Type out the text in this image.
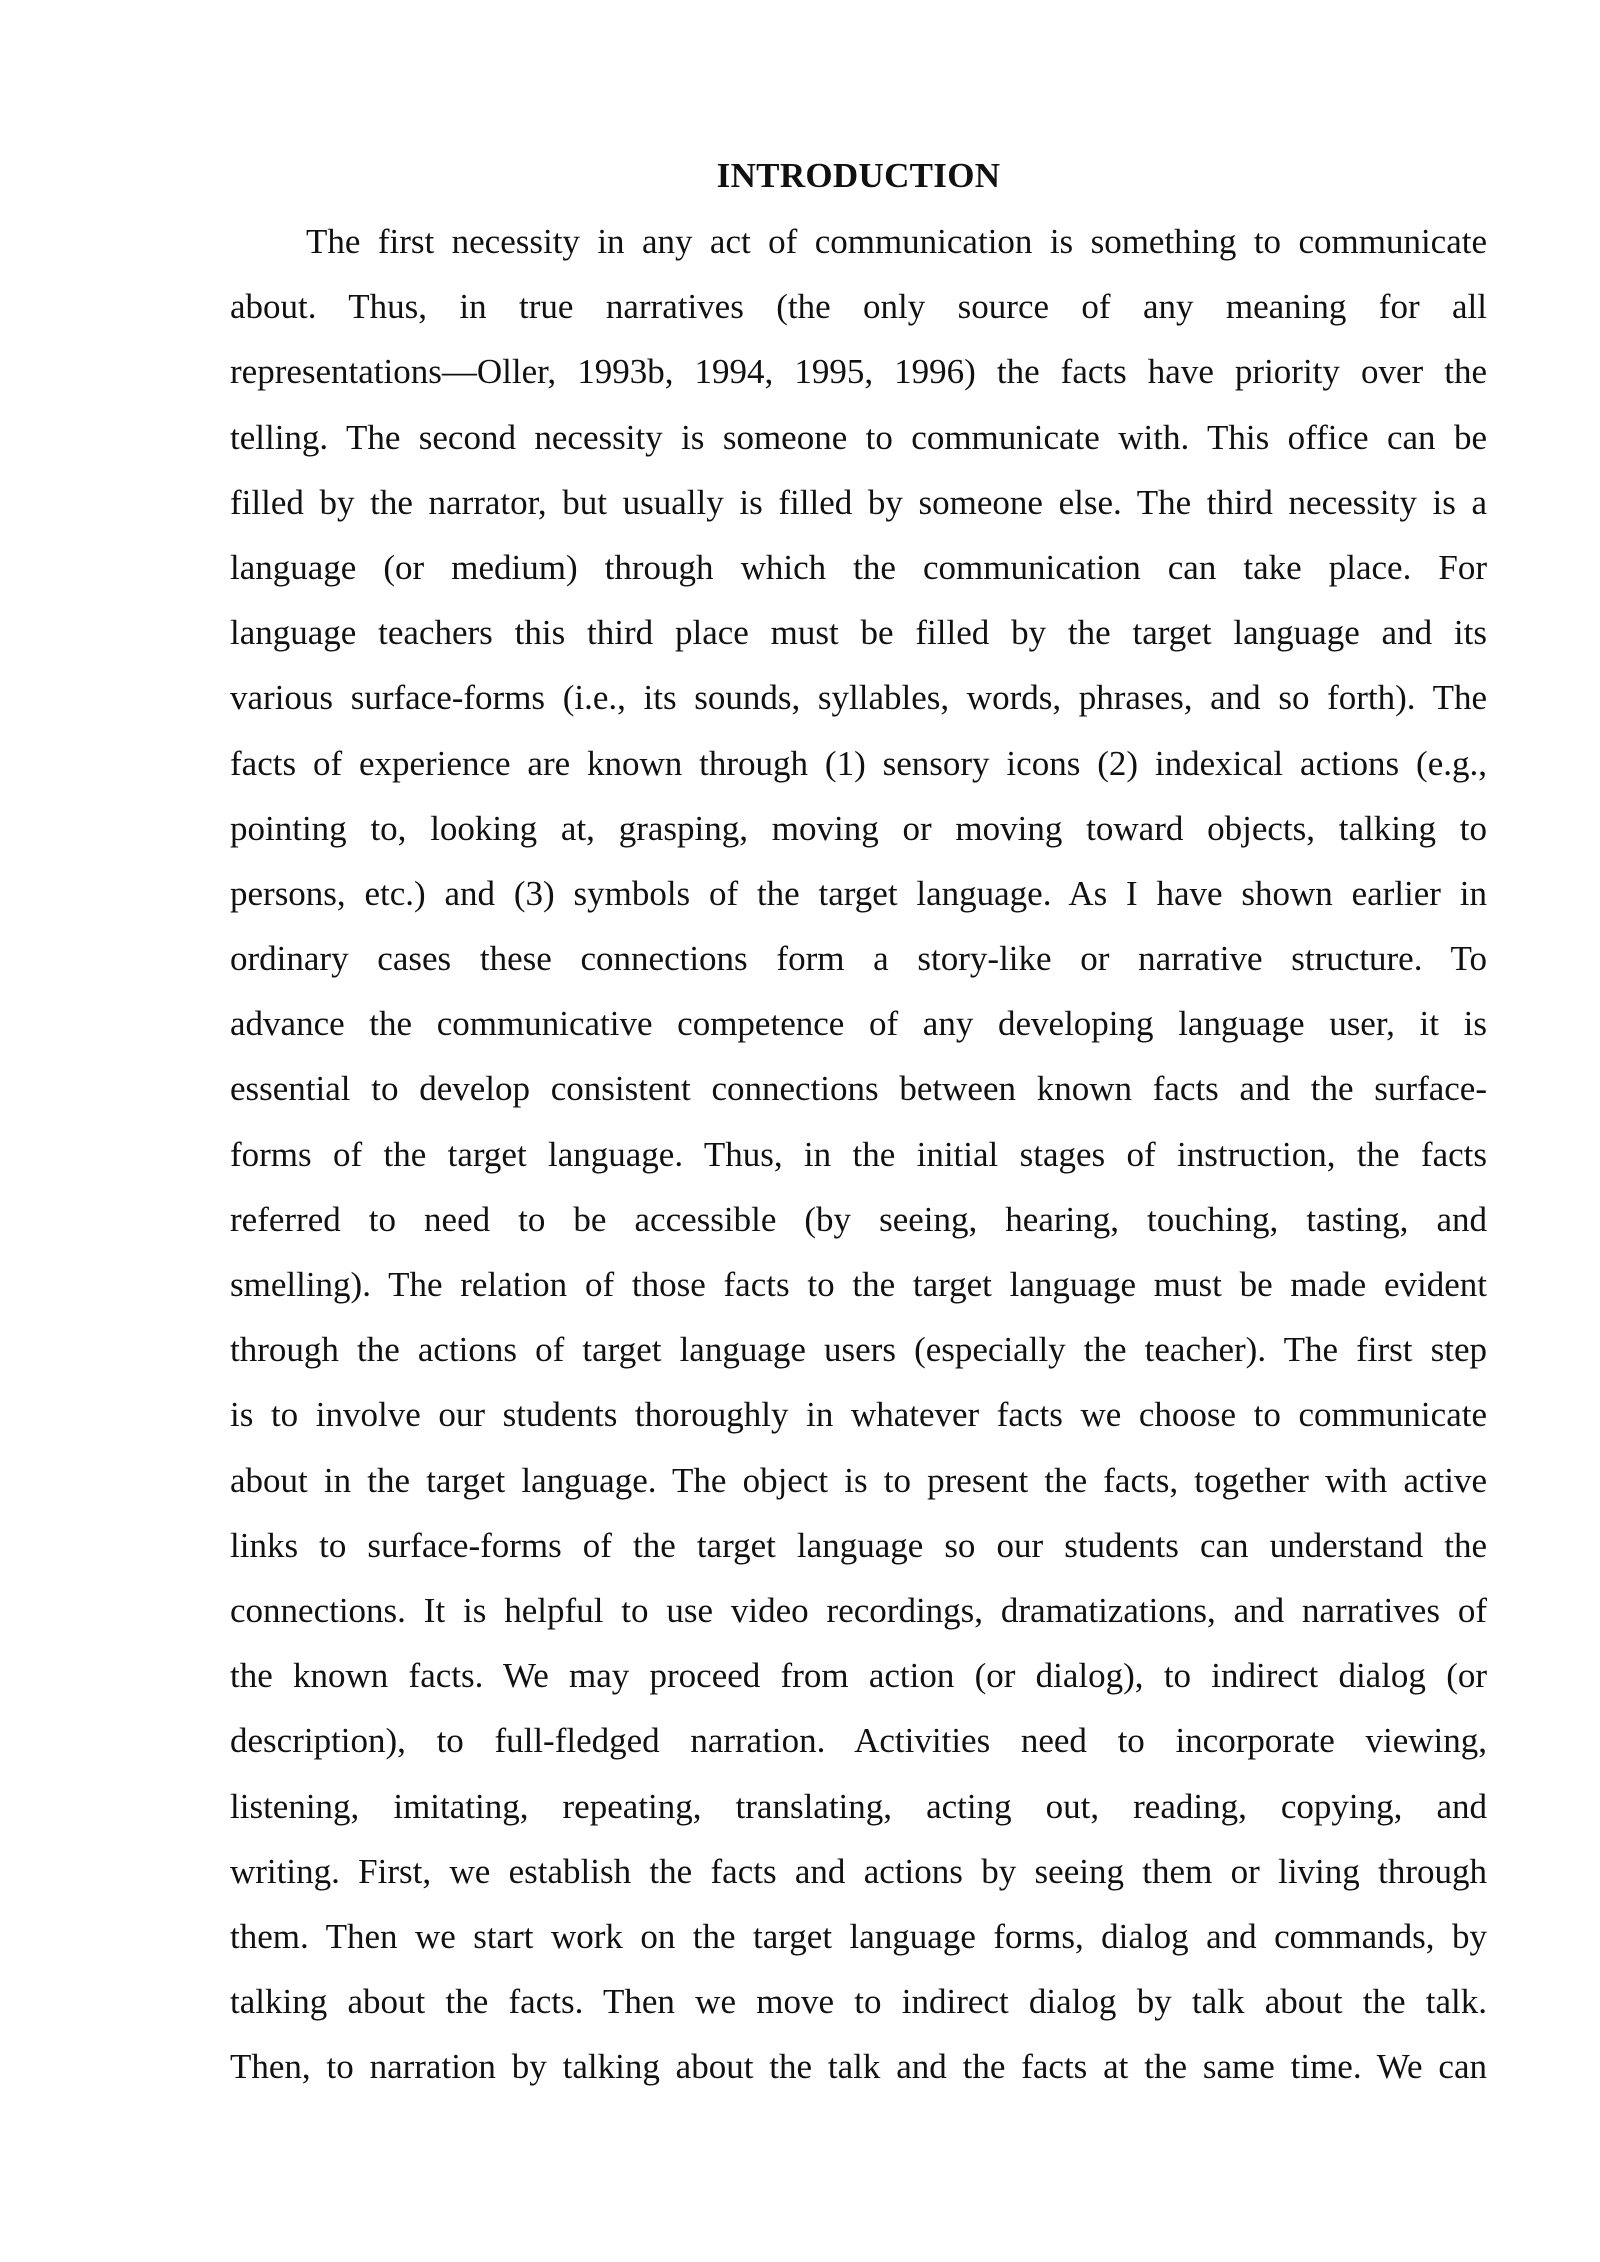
INTRODUCTION
The first necessity in any act of communication is something to communicate
about. Thus, in true narratives (the only source of any meaning for all
representations—Oller, 1993b, 1994, 1995, 1996) the facts have priority over the
telling. The second necessity is someone to communicate with. This office can be
filled by the narrator, but usually is filled by someone else. The third necessity is a
language (or medium) through which the communication can take place. For
language teachers this third place must be filled by the target language and its
various surface-forms (i.e., its sounds, syllables, words, phrases, and so forth). The
facts of experience are known through (1) sensory icons (2) indexical actions (e.g.,
pointing to, looking at, grasping, moving or moving toward objects, talking to
persons, etc.) and (3) symbols of the target language. As I have shown earlier in
ordinary cases these connections form a story-like or narrative structure. To
advance the communicative competence of any developing language user, it is
essential to develop consistent connections between known facts and the surface-
forms of the target language. Thus, in the initial stages of instruction, the facts
referred to need to be accessible (by seeing, hearing, touching, tasting, and
smelling). The relation of those facts to the target language must be made evident
through the actions of target language users (especially the teacher). The first step
is to involve our students thoroughly in whatever facts we choose to communicate
about in the target language. The object is to present the facts, together with active
links to surface-forms of the target language so our students can understand the
connections. It is helpful to use video recordings, dramatizations, and narratives of
the known facts. We may proceed from action (or dialog), to indirect dialog (or
description), to full-fledged narration. Activities need to incorporate viewing,
listening, imitating, repeating, translating, acting out, reading, copying, and
writing. First, we establish the facts and actions by seeing them or living through
them. Then we start work on the target language forms, dialog and commands, by
talking about the facts. Then we move to indirect dialog by talk about the talk.
Then, to narration by talking about the talk and the facts at the same time. We can
